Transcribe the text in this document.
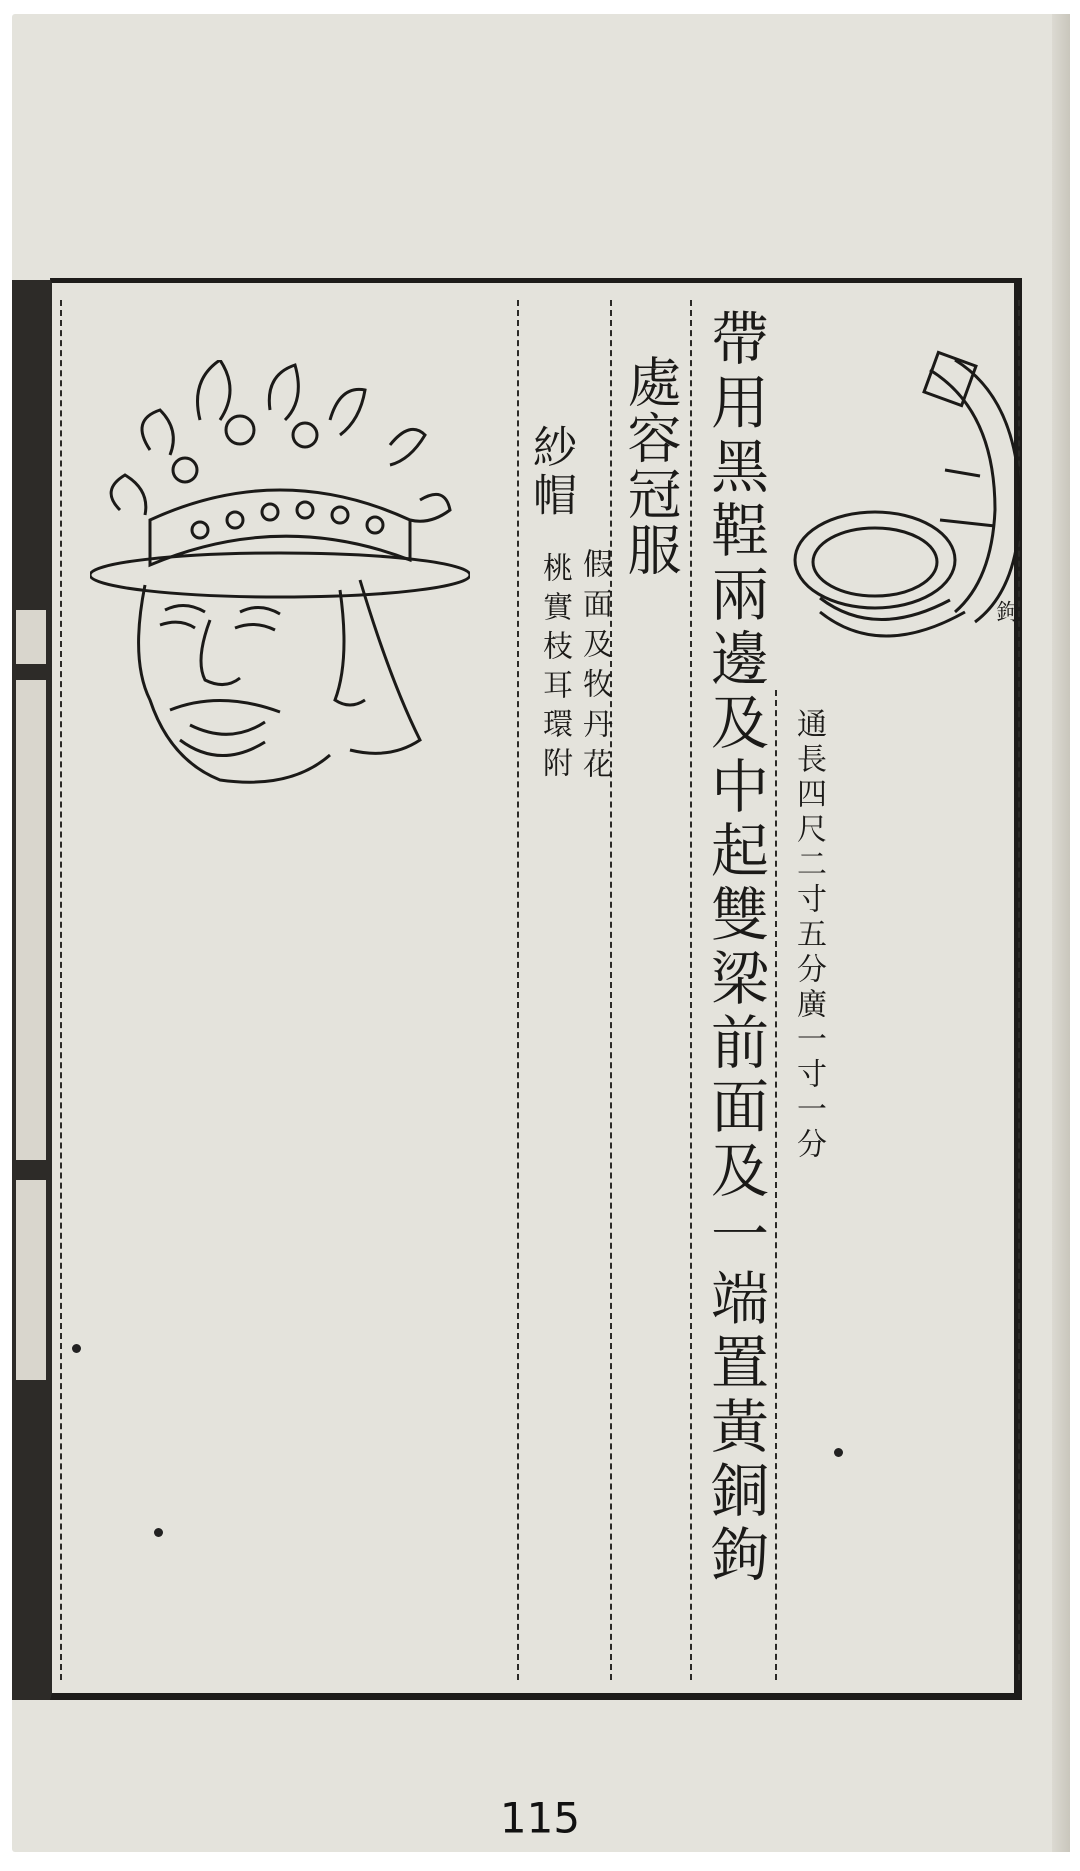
帶用黑鞓兩邊及中起雙梁前面及一端置黃銅鉤 通長四尺二寸五分廣一寸一分
處容冠服
紗帽
假面及牧丹花
桃實枝耳環附	鉤
115
